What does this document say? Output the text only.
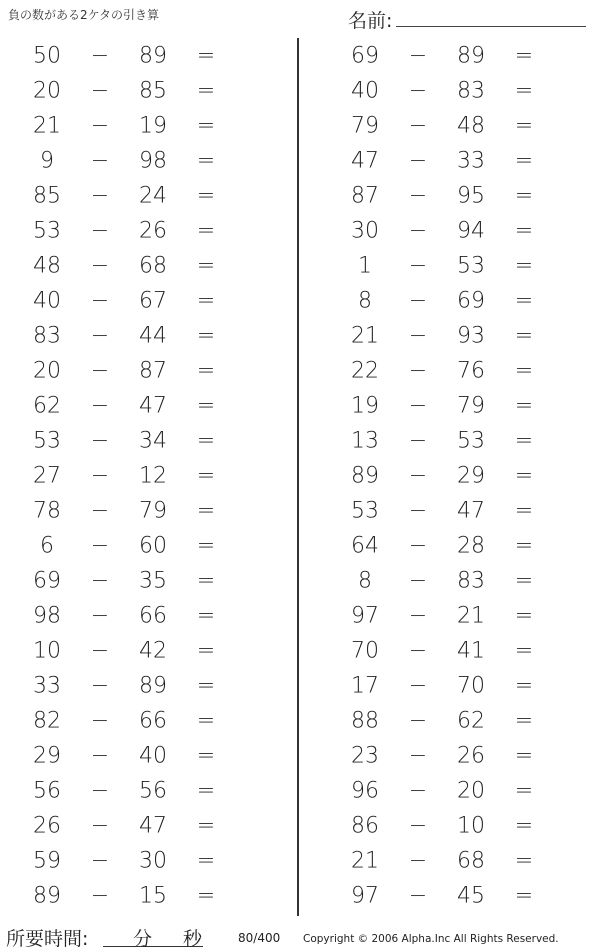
負の数がある2ケタの引き算	名前:
50	−	89	=
20	−	85	=
21	−	19	=
9	−	98	=
85	−	24	=
53	−	26	=
48	−	68	=
40	−	67	=
83	−	44	=
20	−	87	=
62	−	47	=
53	−	34	=
27	−	12	=
78	−	79	=
6	−	60	=
69	−	35	=
98	−	66	=
10	−	42	=
33	−	89	=
82	−	66	=
29	−	40	=
56	−	56	=
26	−	47	=
59	−	30	=
89	−	15	=
69	−	89	=
40	−	83	=
79	−	48	=
47	−	33	=
87	−	95	=
30	−	94	=
1	−	53	=
8	−	69	=
21	−	93	=
22	−	76	=
19	−	79	=
13	−	53	=
89	−	29	=
53	−	47	=
64	−	28	=
8	−	83	=
97	−	21	=
70	−	41	=
17	−	70	=
88	−	62	=
23	−	26	=
96	−	20	=
86	−	10	=
21	−	68	=
97	−	45	=
所要時間: 分 秒	80/400 Copyright © 2006 Alpha.Inc All Rights Reserved.
